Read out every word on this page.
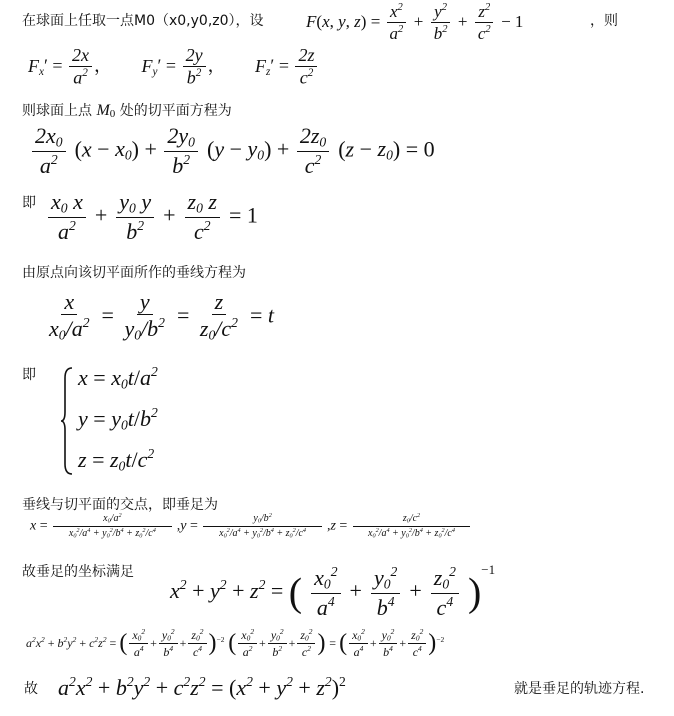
在球面上任取一点M0（x0,y0,z0），设 F(x, y, $z) = \frac{x^2}{a^2} + \frac{y^2}{b^2} + \frac{z^2}{c^2} - 1$	，则
$F_x' = \frac{2x}{a^2}$ ， $F_y' = \frac{2y}{b^2}$ ， $F_z' = \frac{2z}{c^2}$
则球面上点 M0 处的切平面方程为
$\frac{2x_0}{a^2} (x - x_0) + \frac{2y_0}{b^2} (y - y_0) + \frac{2z_0}{c^2} (z - z_0) = 0$
即 $\frac{x_0 x}{a^2} + \frac{y_0 y}{b^2} + \frac{z_0 z}{c^2} = 1$
由原点向该切平面所作的垂线方程为
$\frac{x}{x_0/a^2} = \frac{y}{y_0/b^2} = \frac{z}{z_0/c^2} = t$
即 $x = x_0t/a^2$
$y = y_0t/b^2$
$z = z_0t/c^2$
垂线与切平面的交点，即垂足为
$x = \frac{x_0/a^2}{x_0^2/a^4 + y_0^2/b^4 + z_0^2/c^4} ,y = \frac{y_0/b^2}{x_0^2/a^4 + y_0^2/b^4 + z_0^2/c^4} ,z = \frac{z_0/c^2}{x_0^2/a^4 + y_0^2/b^4 + z_0^2/c^4}$
故垂足的坐标满足
$x^2 + y^2 + z^2$ = ( $\frac{x_0^2}{a^4} + \frac{y_0^2}{b^4} + \frac{z_0^2}{c^4} )^{-1}$
$a^2x^2 + b^2y^2 + c^2z^2$ = ( $\frac{x_0^2}{a^4} + \frac{y_0^2}{b^4} + \frac{z_0^2}{c^4} )^{-2}$ ( $\frac{x_0^2}{a^2} + \frac{y_0^2}{b^2} + \frac{z_0^2}{c^2}$ ) = ( $\frac{x_0^2}{a^4} + \frac{y_0^2}{b^4} + \frac{z_0^2}{c^4} )^{-2}$
故 $a^2x^2 + b^2y^2 + c^2z^2 = (x^2 + y^2 + z^2)^2$	就是垂足的轨迹方程.
